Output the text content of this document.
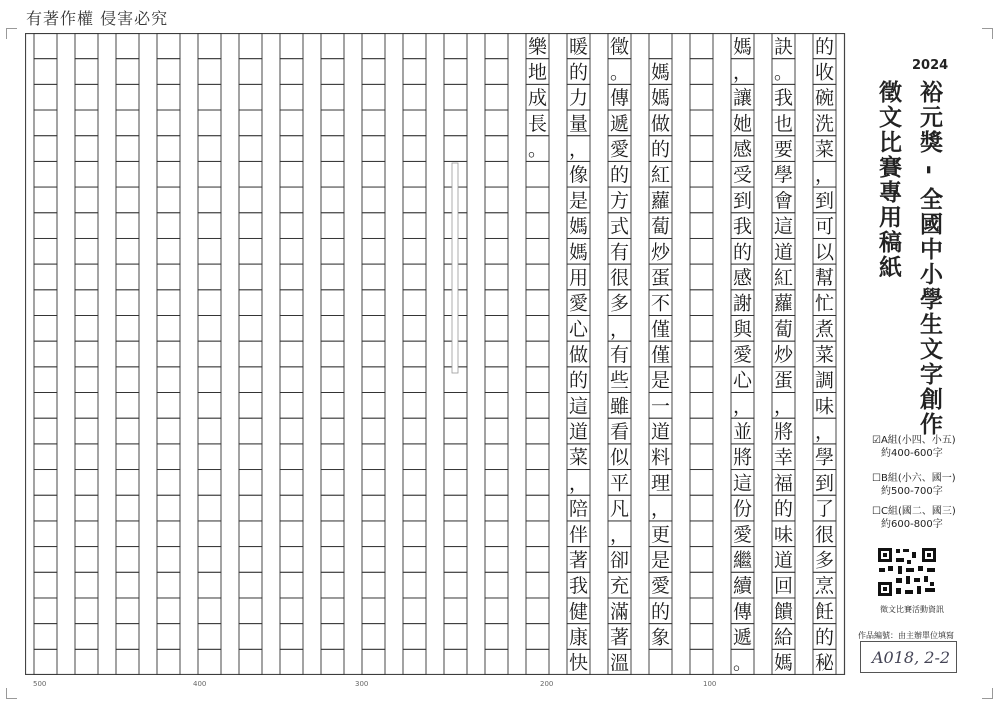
有著作權 侵害必究
的
收
碗
洗
菜
，
到
可
以
幫
忙
煮
菜
調
味
，
學
到
了
很
多
烹
飪
的
秘
訣
。
我
也
要
學
會
這
道
紅
蘿
蔔
炒
蛋
，
將
幸
福
的
味
道
回
饋
給
媽
媽
，
讓
她
感
受
到
我
的
感
謝
與
愛
心
，
並
將
這
份
愛
繼
續
傳
遞
。
媽
媽
做
的
紅
蘿
蔔
炒
蛋
不
僅
僅
是
一
道
料
理
，
更
是
愛
的
象
徵
。
傳
遞
愛
的
方
式
有
很
多
，
有
些
雖
看
似
平
凡
，
卻
充
滿
著
溫
暖
的
力
量
，
像
是
媽
媽
用
愛
心
做
的
這
道
菜
，
陪
伴
著
我
健
康
快
樂
地
成
長
。
2024
裕元獎 - 全國中小學生文字創作
徵文比賽專用稿紙
☑A組(小四、小五)
約400-600字
☐B組(小六、國一)
約500-700字
☐C組(國二、國三)
約600-800字
徵文比賽活動資訊
作品編號：由主辦單位填寫
A018, 2-2
500	400	300	200	100
